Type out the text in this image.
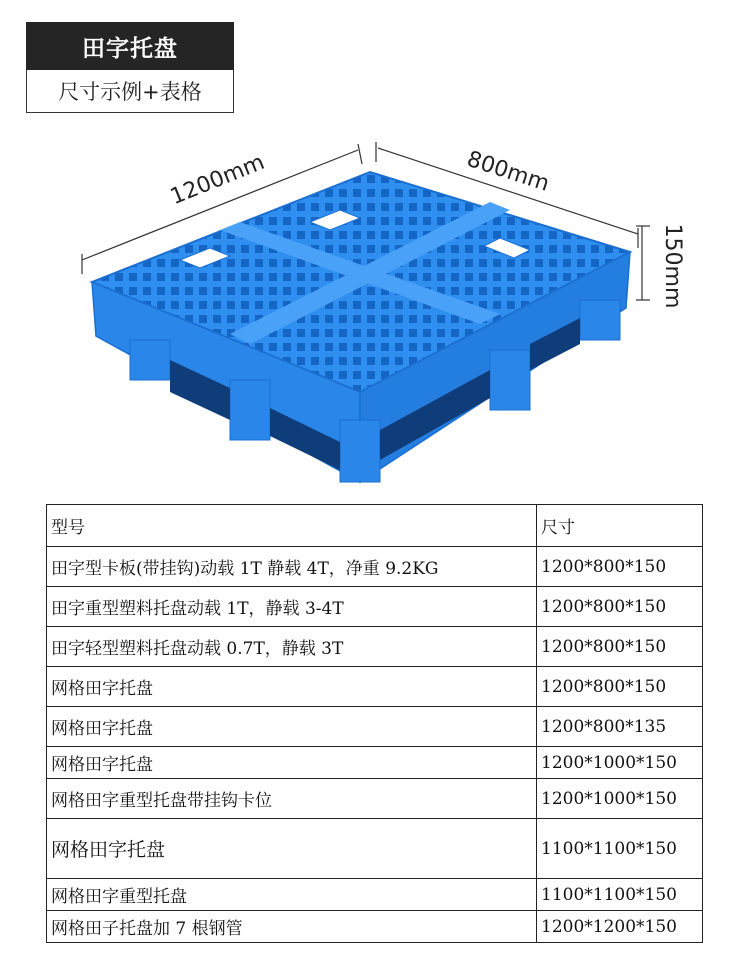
田字托盘
尺寸示例+表格
1200mm	800mm
150mm
型号	尺寸
田字型卡板(带挂钩)动载 1T 静载 4T，净重 9.2KG	1200*800*150
田字重型塑料托盘动载 1T，静载 3-4T	1200*800*150
田字轻型塑料托盘动载 0.7T，静载 3T	1200*800*150
网格田字托盘	1200*800*150
网格田字托盘	1200*800*135
网格田字托盘	1200*1000*150
网格田字重型托盘带挂钩卡位	1200*1000*150
网格田字托盘	1100*1100*150
网格田字重型托盘	1100*1100*150
网格田子托盘加 7 根钢管	1200*1200*150
